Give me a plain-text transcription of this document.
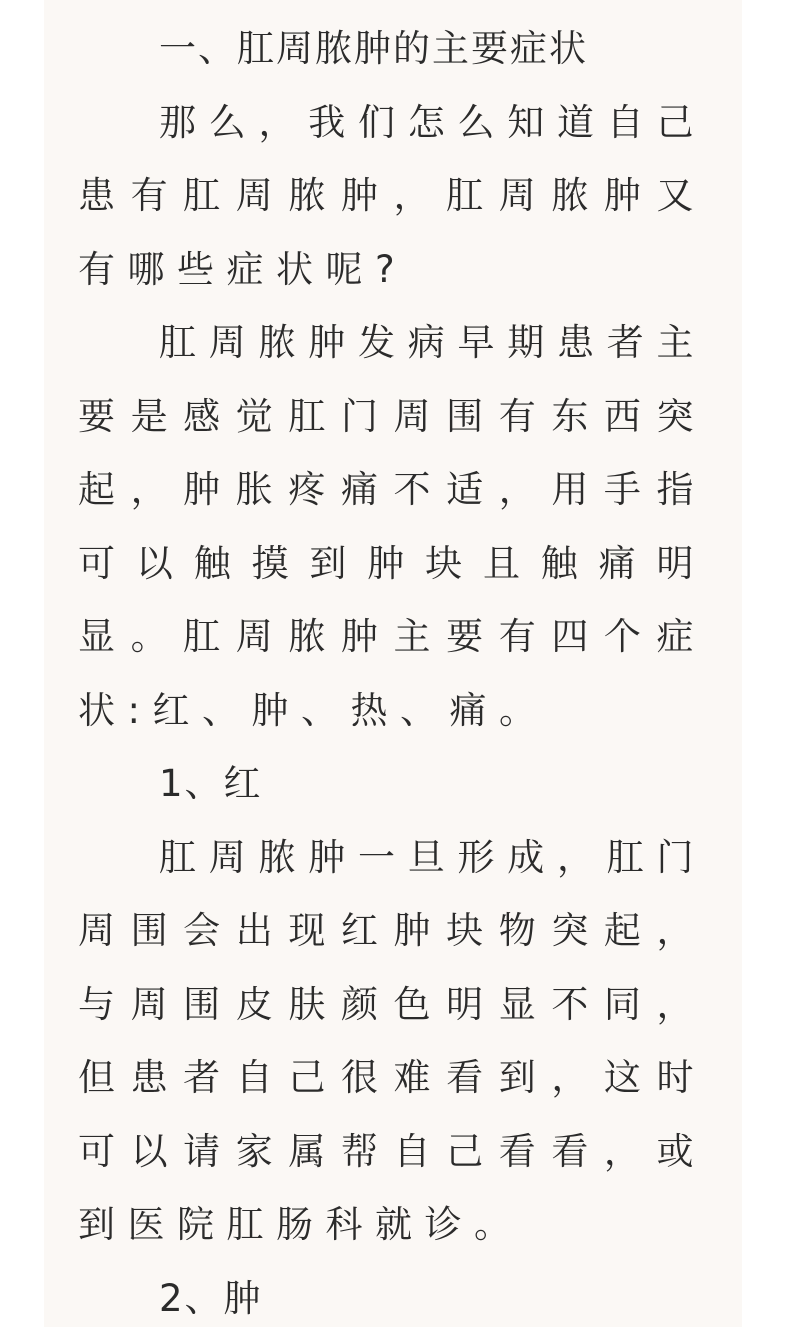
一、肛周脓肿的主要症状

那么，我们怎么知道自己患有肛周脓肿，肛周脓肿又有哪些症状呢?

肛周脓肿发病早期患者主要是感觉肛门周围有东西突起，肿胀疼痛不适，用手指可以触摸到肿块且触痛明显。肛周脓肿主要有四个症状:红、肿、热、痛。

1、红

肛周脓肿一旦形成，肛门周围会出现红肿块物突起，与周围皮肤颜色明显不同，但患者自己很难看到，这时可以请家属帮自己看看，或到医院肛肠科就诊。

2、肿
